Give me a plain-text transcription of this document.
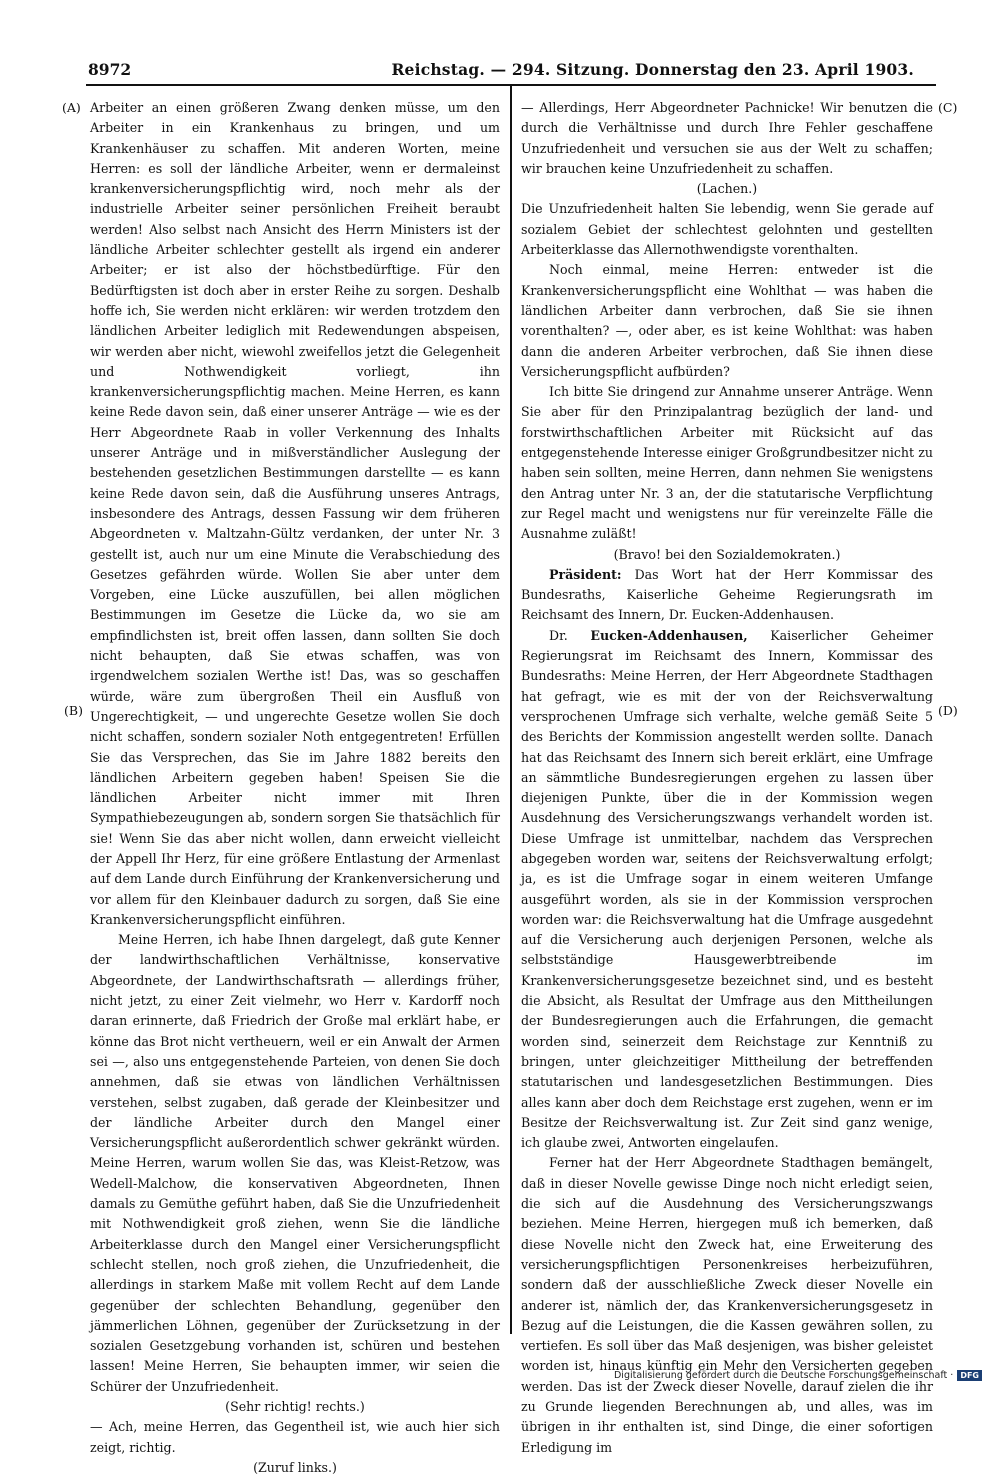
8972	Reichstag. — 294. Sitzung. Donnerstag den 23. April 1903.
(A)
(B)
(C)
(D)

Arbeiter an einen größeren Zwang denken müsse, um den Arbeiter in ein Krankenhaus zu bringen, und um Krankenhäuser zu schaffen. Mit anderen Worten, meine Herren: es soll der ländliche Arbeiter, wenn er dermaleinst krankenversicherungspflichtig wird, noch mehr als der industrielle Arbeiter seiner persönlichen Freiheit beraubt werden! Also selbst nach Ansicht des Herrn Ministers ist der ländliche Arbeiter schlechter gestellt als irgend ein anderer Arbeiter; er ist also der höchstbedürftige. Für den Bedürftigsten ist doch aber in erster Reihe zu sorgen. Deshalb hoffe ich, Sie werden nicht erklären: wir werden trotzdem den ländlichen Arbeiter lediglich mit Redewendungen abspeisen, wir werden aber nicht, wiewohl zweifellos jetzt die Gelegenheit und Nothwendigkeit vorliegt, ihn krankenversicherungspflichtig machen. Meine Herren, es kann keine Rede davon sein, daß einer unserer Anträge — wie es der Herr Abgeordnete Raab in voller Verkennung des Inhalts unserer Anträge und in mißverständlicher Auslegung der bestehenden gesetzlichen Bestimmungen darstellte — es kann keine Rede davon sein, daß die Ausführung unseres Antrags, insbesondere des Antrags, dessen Fassung wir dem früheren Abgeordneten v. Maltzahn-Gültz verdanken, der unter Nr. 3 gestellt ist, auch nur um eine Minute die Verabschiedung des Gesetzes gefährden würde. Wollen Sie aber unter dem Vorgeben, eine Lücke auszufüllen, bei allen möglichen Bestimmungen im Gesetze die Lücke da, wo sie am empfindlichsten ist, breit offen lassen, dann sollten Sie doch nicht behaupten, daß Sie etwas schaffen, was von irgendwelchem sozialen Werthe ist! Das, was so geschaffen würde, wäre zum übergroßen Theil ein Ausfluß von Ungerechtigkeit, — und ungerechte Gesetze wollen Sie doch nicht schaffen, sondern sozialer Noth entgegentreten! Erfüllen Sie das Versprechen, das Sie im Jahre 1882 bereits den ländlichen Arbeitern gegeben haben! Speisen Sie die ländlichen Arbeiter nicht immer mit Ihren Sympathiebezeugungen ab, sondern sorgen Sie thatsächlich für sie! Wenn Sie das aber nicht wollen, dann erweicht vielleicht der Appell Ihr Herz, für eine größere Entlastung der Armenlast auf dem Lande durch Einführung der Krankenversicherung und vor allem für den Kleinbauer dadurch zu sorgen, daß Sie eine Krankenversicherungspflicht einführen.

Meine Herren, ich habe Ihnen dargelegt, daß gute Kenner der landwirthschaftlichen Verhältnisse, konservative Abgeordnete, der Landwirthschaftsrath — allerdings früher, nicht jetzt, zu einer Zeit vielmehr, wo Herr v. Kardorff noch daran erinnerte, daß Friedrich der Große mal erklärt habe, er könne das Brot nicht vertheuern, weil er ein Anwalt der Armen sei —, also uns entgegenstehende Parteien, von denen Sie doch annehmen, daß sie etwas von ländlichen Verhältnissen verstehen, selbst zugaben, daß gerade der Kleinbesitzer und der ländliche Arbeiter durch den Mangel einer Versicherungspflicht außerordentlich schwer gekränkt würden. Meine Herren, warum wollen Sie das, was Kleist-Retzow, was Wedell-Malchow, die konservativen Abgeordneten, Ihnen damals zu Gemüthe geführt haben, daß Sie die Unzufriedenheit mit Nothwendigkeit groß ziehen, wenn Sie die ländliche Arbeiterklasse durch den Mangel einer Versicherungspflicht schlecht stellen, noch groß ziehen, die Unzufriedenheit, die allerdings in starkem Maße mit vollem Recht auf dem Lande gegenüber der schlechten Behandlung, gegenüber den jämmerlichen Löhnen, gegenüber der Zurücksetzung in der sozialen Gesetzgebung vorhanden ist, schüren und bestehen lassen! Meine Herren, Sie behaupten immer, wir seien die Schürer der Unzufriedenheit.

(Sehr richtig! rechts.)

— Ach, meine Herren, das Gegentheil ist, wie auch hier sich zeigt, richtig.

(Zuruf links.)

— Allerdings, Herr Abgeordneter Pachnicke! Wir benutzen die durch die Verhältnisse und durch Ihre Fehler geschaffene Unzufriedenheit und versuchen sie aus der Welt zu schaffen; wir brauchen keine Unzufriedenheit zu schaffen.

(Lachen.)

Die Unzufriedenheit halten Sie lebendig, wenn Sie gerade auf sozialem Gebiet der schlechtest gelohnten und gestellten Arbeiterklasse das Allernothwendigste vorenthalten.

Noch einmal, meine Herren: entweder ist die Krankenversicherungspflicht eine Wohlthat — was haben die ländlichen Arbeiter dann verbrochen, daß Sie sie ihnen vorenthalten? —, oder aber, es ist keine Wohlthat: was haben dann die anderen Arbeiter verbrochen, daß Sie ihnen diese Versicherungspflicht aufbürden?

Ich bitte Sie dringend zur Annahme unserer Anträge. Wenn Sie aber für den Prinzipalantrag bezüglich der land- und forstwirthschaftlichen Arbeiter mit Rücksicht auf das entgegenstehende Interesse einiger Großgrundbesitzer nicht zu haben sein sollten, meine Herren, dann nehmen Sie wenigstens den Antrag unter Nr. 3 an, der die statutarische Verpflichtung zur Regel macht und wenigstens nur für vereinzelte Fälle die Ausnahme zuläßt!

(Bravo! bei den Sozialdemokraten.)

Präsident: Das Wort hat der Herr Kommissar des Bundesraths, Kaiserliche Geheime Regierungsrath im Reichsamt des Innern, Dr. Eucken-Addenhausen.

Dr. Eucken-Addenhausen, Kaiserlicher Geheimer Regierungsrat im Reichsamt des Innern, Kommissar des Bundesraths: Meine Herren, der Herr Abgeordnete Stadthagen hat gefragt, wie es mit der von der Reichsverwaltung versprochenen Umfrage sich verhalte, welche gemäß Seite 5 des Berichts der Kommission angestellt werden sollte. Danach hat das Reichsamt des Innern sich bereit erklärt, eine Umfrage an sämmtliche Bundesregierungen ergehen zu lassen über diejenigen Punkte, über die in der Kommission wegen Ausdehnung des Versicherungszwangs verhandelt worden ist. Diese Umfrage ist unmittelbar, nachdem das Versprechen abgegeben worden war, seitens der Reichsverwaltung erfolgt; ja, es ist die Umfrage sogar in einem weiteren Umfange ausgeführt worden, als sie in der Kommission versprochen worden war: die Reichsverwaltung hat die Umfrage ausgedehnt auf die Versicherung auch derjenigen Personen, welche als selbstständige Hausgewerbtreibende im Krankenversicherungsgesetze bezeichnet sind, und es besteht die Absicht, als Resultat der Umfrage aus den Mittheilungen der Bundesregierungen auch die Erfahrungen, die gemacht worden sind, seinerzeit dem Reichstage zur Kenntniß zu bringen, unter gleichzeitiger Mittheilung der betreffenden statutarischen und landesgesetzlichen Bestimmungen. Dies alles kann aber doch dem Reichstage erst zugehen, wenn er im Besitze der Reichsverwaltung ist. Zur Zeit sind ganz wenige, ich glaube zwei, Antworten eingelaufen.

Ferner hat der Herr Abgeordnete Stadthagen bemängelt, daß in dieser Novelle gewisse Dinge noch nicht erledigt seien, die sich auf die Ausdehnung des Versicherungszwangs beziehen. Meine Herren, hiergegen muß ich bemerken, daß diese Novelle nicht den Zweck hat, eine Erweiterung des versicherungspflichtigen Personenkreises herbeizuführen, sondern daß der ausschließliche Zweck dieser Novelle ein anderer ist, nämlich der, das Krankenversicherungsgesetz in Bezug auf die Leistungen, die die Kassen gewähren sollen, zu vertiefen. Es soll über das Maß desjenigen, was bisher geleistet worden ist, hinaus künftig ein Mehr den Versicherten gegeben werden. Das ist der Zweck dieser Novelle, darauf zielen die ihr zu Grunde liegenden Berechnungen ab, und alles, was im übrigen in ihr enthalten ist, sind Dinge, die einer sofortigen Erledigung im

Digitalisierung gefördert durch die Deutsche Forschungsgemeinschaft · DFG
